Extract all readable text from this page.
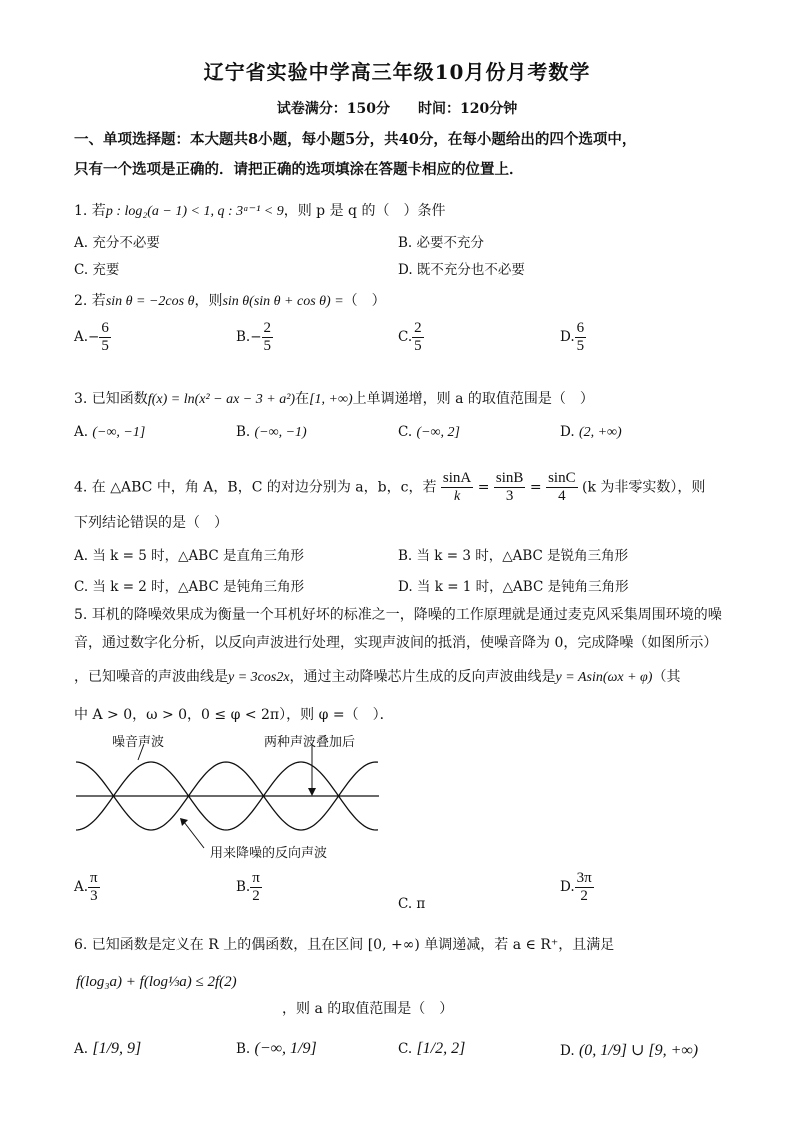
辽宁省实验中学高三年级10月份月考数学
试卷满分：150分　　时间：120分钟
一、单项选择题：本大题共8小题，每小题5分，共40分，在每小题给出的四个选项中，
只有一个选项是正确的．请把正确的选项填涂在答题卡相应的位置上．
1. 若p : log₂(a − 1) < 1, q : 3ᵃ⁻¹ < 9，则 p 是 q 的（　）条件
A. 充分不必要	B. 必要不充分
C. 充要	D. 既不充分也不必要
2. 若sin θ = −2cos θ，则sin θ(sin θ + cos θ) =（　）
$A.- \frac{6}{5}$	$B.- \frac{2}{5}$	C. $\frac{2}{5}$	D. $\frac{6}{5}$
3. 已知函数f(x) = ln(x² − ax − 3 + a²)在[1, +∞)上单调递增，则 a 的取值范围是（　）
A. (−∞, −1]	B. (−∞, −1)	C. (−∞, 2]	D. (2, +∞)
4. 在 △ABC 中，角 A，B，C 的对边分别为 a，b，c，若 $\frac{\sin A}{k} = \frac{\sin B}{3} = \frac{\sin C}{4} (k$ 为非零实数），则
下列结论错误的是（　）
A. 当 k = 5 时，△ABC 是直角三角形	B. 当 k = 3 时，△ABC 是锐角三角形
C. 当 k = 2 时，△ABC 是钝角三角形	D. 当 k = 1 时，△ABC 是钝角三角形
5. 耳机的降噪效果成为衡量一个耳机好坏的标准之一，降噪的工作原理就是通过麦克风采集周围环境的噪
音，通过数字化分析，以反向声波进行处理，实现声波间的抵消，使噪音降为 0，完成降噪（如图所示）
，已知噪音的声波曲线是y = 3cos2x，通过主动降噪芯片生成的反向声波曲线是y = Asin(ωx + φ)（其
中 A > 0，ω > 0，0 ≤ φ < 2π），则 φ =（　）．
噪音声波	两种声波叠加后
用来降噪的反向声波
A. $\frac{\pi}{3}$	B. $\frac{\pi}{2}$	C. π
D. $\frac{3\pi}{2}$
6. 已知函数是定义在 R 上的偶函数，且在区间 [0, +∞) 单调递减，若 a ∈ R⁺，且满足
f(log₃a) + f(log⅓a) ≤ 2f(2)
，则 a 的取值范围是（　）
A. [1/9, 9]	B. (−∞, 1/9]	C. [1/2, 2]	D. (0, 1/9] ∪ [9, +∞)
